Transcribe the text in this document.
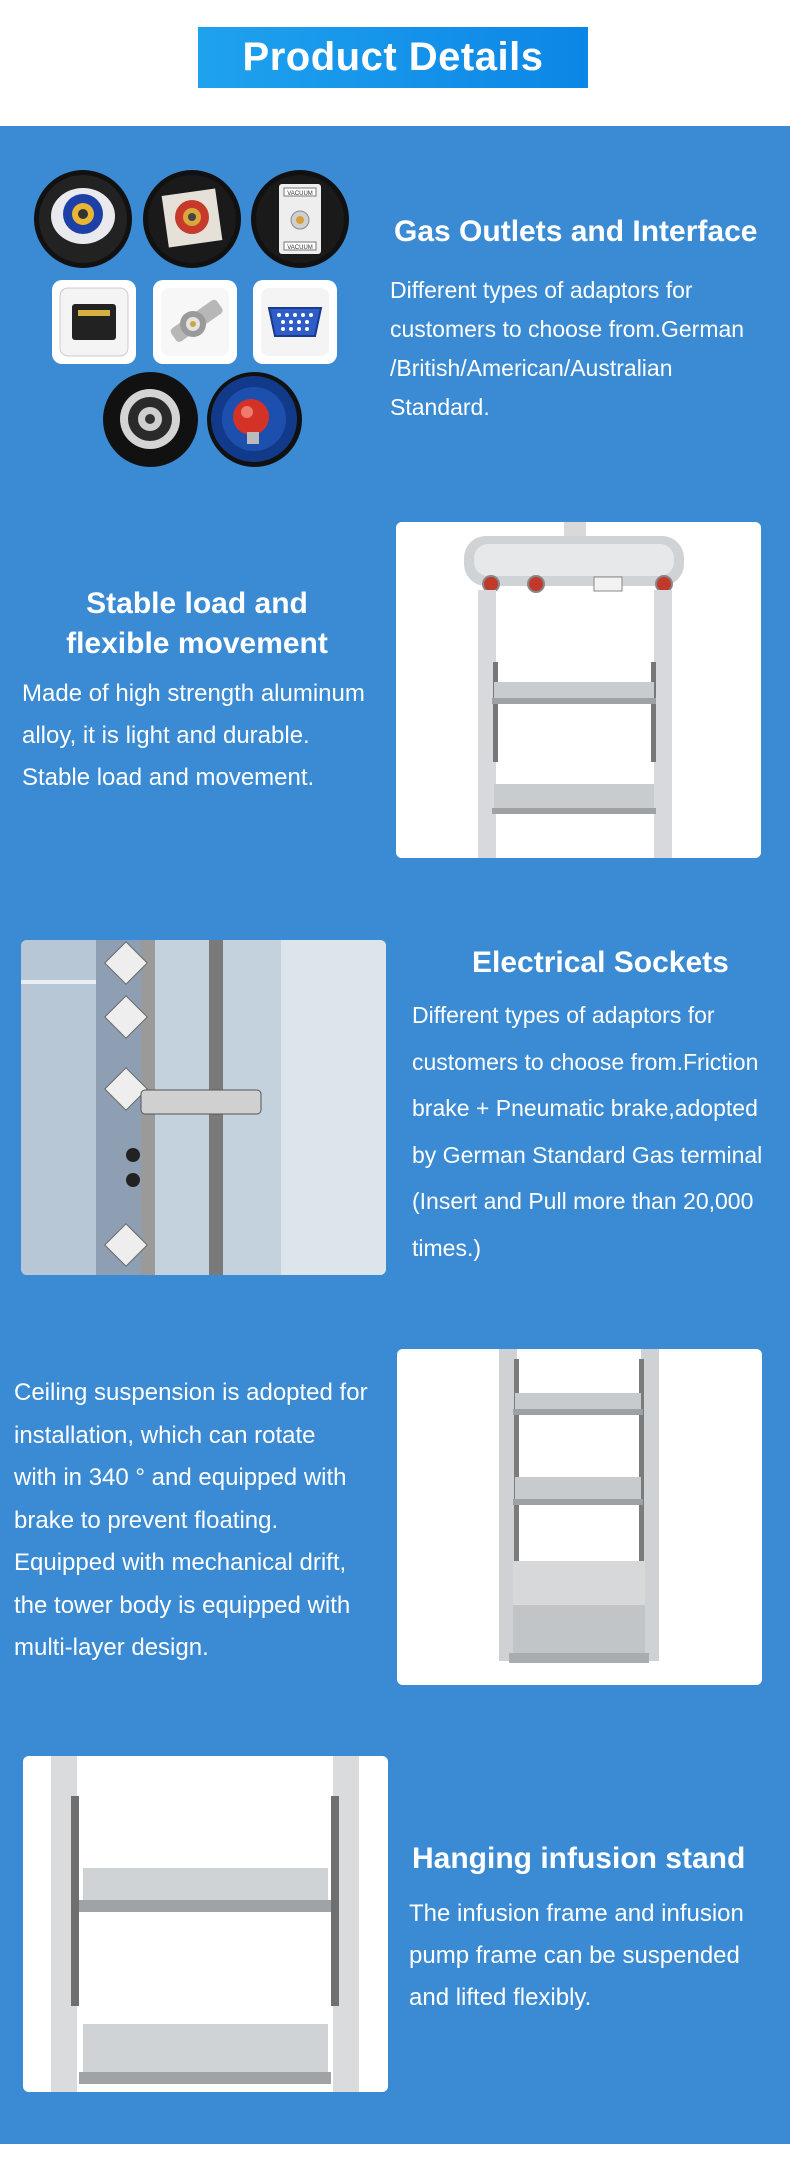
Product Details
VACUUM
VACUUM	Gas Outlets and Interface
Different types of adaptors for
customers to choose from.German
/British/American/Australian
Standard.
Stable load and
flexible movement
Made of high strength aluminum
alloy, it is light and durable.
Stable load and movement.
Electrical Sockets
Different types of adaptors for
customers to choose from.Friction
brake + Pneumatic brake,adopted
by German Standard Gas terminal
(Insert and Pull more than 20,000
times.)
Ceiling suspension is adopted for
installation, which can rotate
with in 340 ° and equipped with
brake to prevent floating.
Equipped with mechanical drift,
the tower body is equipped with
multi-layer design.
Hanging infusion stand
The infusion frame and infusion
pump frame can be suspended
and lifted flexibly.
